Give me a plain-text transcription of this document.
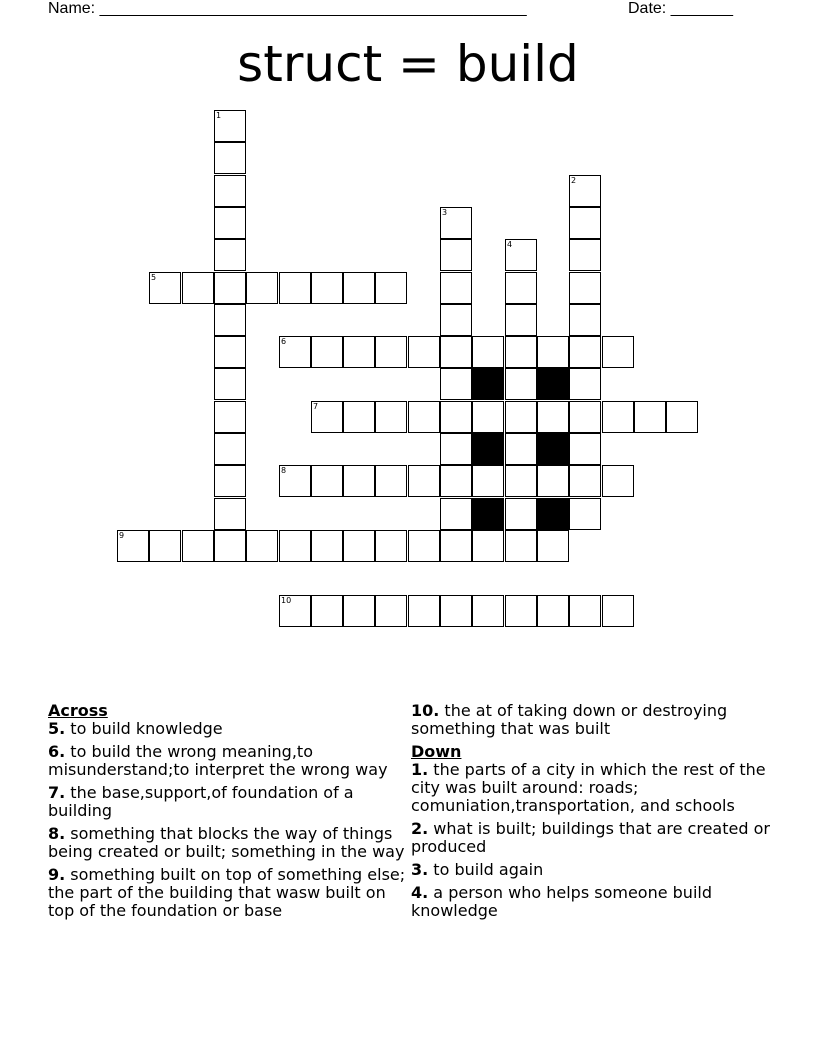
Name: ________________________________________________	Date: _______
struct = build
1
2
3
4
5
6
7
8
9
10
Across
5. to build knowledge
6. to build the wrong meaning,to misunderstand;to interpret the wrong way
7. the base,support,of foundation of a building
8. something that blocks the way of things being created or built; something in the way
9. something built on top of something else; the part of the building that wasw built on top of the foundation or base
10. the at of taking down or destroying something that was built
Down
1. the parts of a city in which the rest of the city was built around: roads; comuniation,transportation, and schools
2. what is built; buildings that are created or produced
3. to build again
4. a person who helps someone build knowledge
